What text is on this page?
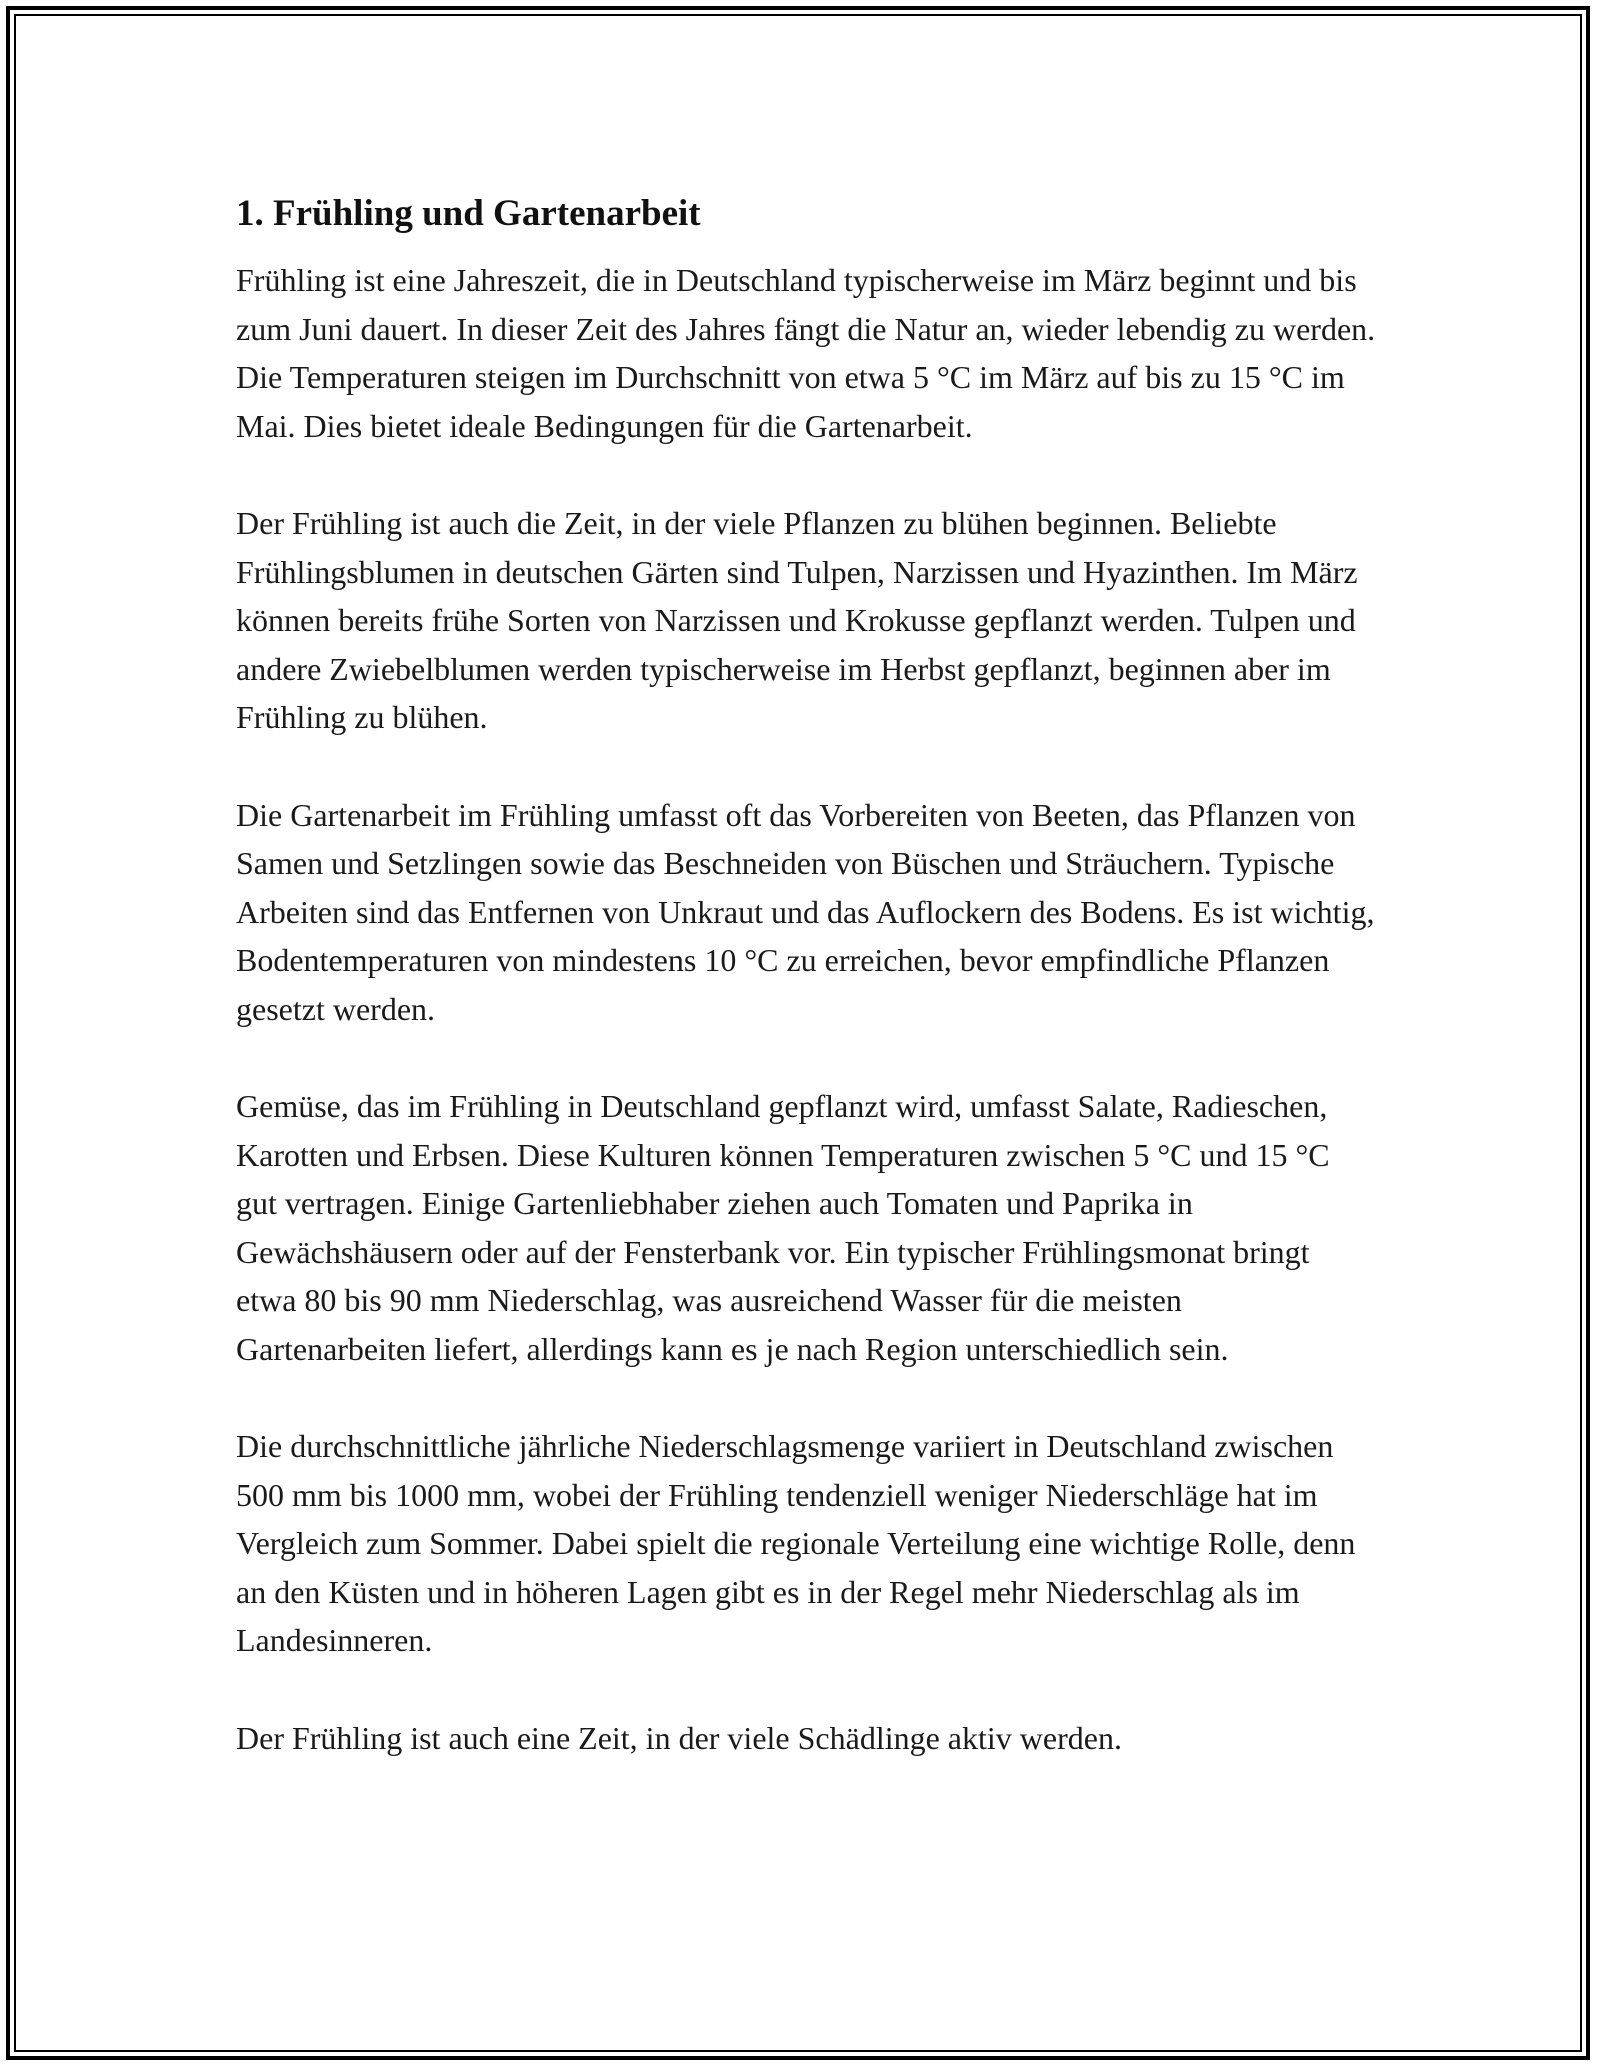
1. Frühling und Gartenarbeit

Frühling ist eine Jahreszeit, die in Deutschland typischerweise im März beginnt und bis zum Juni dauert. In dieser Zeit des Jahres fängt die Natur an, wieder lebendig zu werden. Die Temperaturen steigen im Durchschnitt von etwa 5 °C im März auf bis zu 15 °C im Mai. Dies bietet ideale Bedingungen für die Gartenarbeit.

Der Frühling ist auch die Zeit, in der viele Pflanzen zu blühen beginnen. Beliebte Frühlingsblumen in deutschen Gärten sind Tulpen, Narzissen und Hyazinthen. Im März können bereits frühe Sorten von Narzissen und Krokusse gepflanzt werden. Tulpen und andere Zwiebelblumen werden typischerweise im Herbst gepflanzt, beginnen aber im Frühling zu blühen.

Die Gartenarbeit im Frühling umfasst oft das Vorbereiten von Beeten, das Pflanzen von Samen und Setzlingen sowie das Beschneiden von Büschen und Sträuchern. Typische Arbeiten sind das Entfernen von Unkraut und das Auflockern des Bodens. Es ist wichtig, Bodentemperaturen von mindestens 10 °C zu erreichen, bevor empfindliche Pflanzen gesetzt werden.

Gemüse, das im Frühling in Deutschland gepflanzt wird, umfasst Salate, Radieschen, Karotten und Erbsen. Diese Kulturen können Temperaturen zwischen 5 °C und 15 °C gut vertragen. Einige Gartenliebhaber ziehen auch Tomaten und Paprika in Gewächshäusern oder auf der Fensterbank vor. Ein typischer Frühlingsmonat bringt etwa 80 bis 90 mm Niederschlag, was ausreichend Wasser für die meisten Gartenarbeiten liefert, allerdings kann es je nach Region unterschiedlich sein.

Die durchschnittliche jährliche Niederschlagsmenge variiert in Deutschland zwischen 500 mm bis 1000 mm, wobei der Frühling tendenziell weniger Niederschläge hat im Vergleich zum Sommer. Dabei spielt die regionale Verteilung eine wichtige Rolle, denn an den Küsten und in höheren Lagen gibt es in der Regel mehr Niederschlag als im Landesinneren.

Der Frühling ist auch eine Zeit, in der viele Schädlinge aktiv werden.
